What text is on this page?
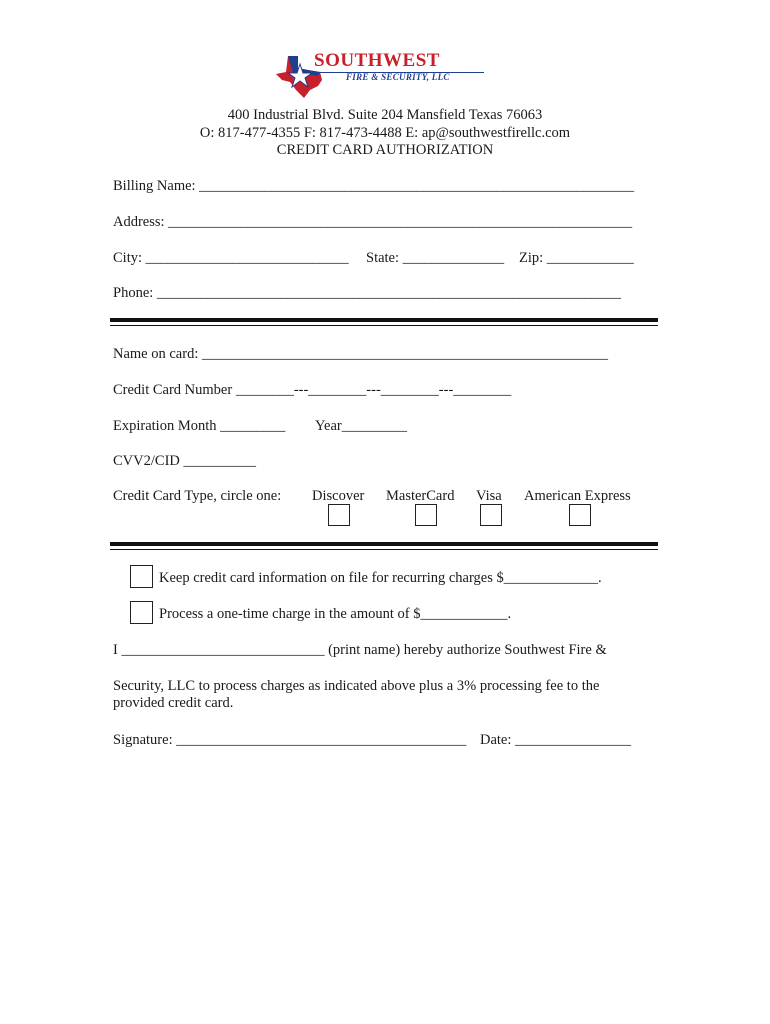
SOUTHWEST
FIRE & SECURITY, LLC
400 Industrial Blvd. Suite 204 Mansfield Texas 76063
O: 817-477-4355 F: 817-473-4488 E: ap@southwestfirellc.com
CREDIT CARD AUTHORIZATION
Billing Name: ____________________________________________________________
Address: ________________________________________________________________
City: ____________________________ State: ______________ Zip: ____________
Phone: ________________________________________________________________
Name on card: ________________________________________________________
Credit Card Number ________---________---________---________
Expiration Month _________ Year_________
CVV2/CID __________
Credit Card Type, circle one: Discover MasterCard Visa American Express
Keep credit card information on file for recurring charges $_____________.
Process a one-time charge in the amount of $____________.
I ____________________________ (print name) hereby authorize Southwest Fire &
Security, LLC to process charges as indicated above plus a 3% processing fee to the
provided credit card.
Signature: ________________________________________ Date: ________________
